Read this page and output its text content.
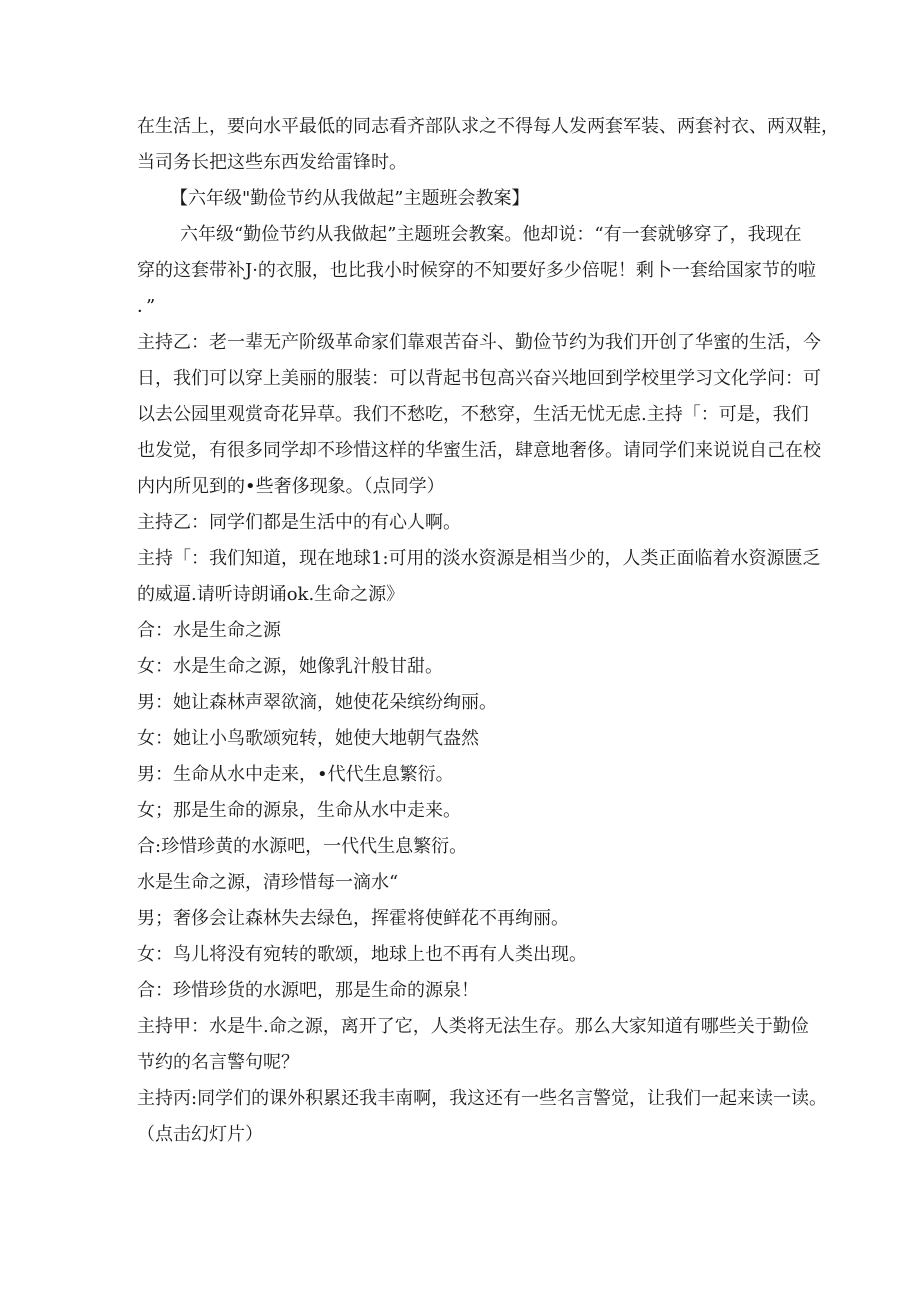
在生活上，要向水平最低的同志看齐部队求之不得每人发两套军装、两套衬衣、两双鞋，
当司务长把这些东西发给雷锋时。
【六年级"勤俭节约从我做起”主题班会教案】
六年级“勤俭节约从我做起”主题班会教案。他却说：“有一套就够穿了，我现在
穿的这套带补J·的衣服，也比我小时候穿的不知要好多少倍呢！剩卜一套给国家节的啦
．”
主持乙：老一辈无产阶级革命家们靠艰苦奋斗、勤俭节约为我们开创了华蜜的生活，今
日，我们可以穿上美丽的服装：可以背起书包高兴奋兴地回到学校里学习文化学问：可
以去公园里观赏奇花异草。我们不愁吃，不愁穿，生活无忧无虑.主持「：可是，我们
也发觉，有很多同学却不珍惜这样的华蜜生活，肆意地奢侈。请同学们来说说自己在校
内内所见到的•些奢侈现象。（点同学）
主持乙：同学们都是生活中的有心人啊。
主持「：我们知道，现在地球1:可用的淡水资源是相当少的，人类正面临着水资源匮乏
的威逼.请听诗朗诵ok.生命之源》
合：水是生命之源
女：水是生命之源，她像乳汁般甘甜。
男：她让森林声翠欲滴，她使花朵缤纷绚丽。
女：她让小鸟歌颂宛转，她使大地朝气盎然
男：生命从水中走来，•代代生息繁衍。
女；那是生命的源泉，生命从水中走来。
合:珍惜珍黄的水源吧，一代代生息繁衍。
水是生命之源，清珍惜每一滴水“
男；奢侈会让森林失去绿色，挥霍将使鲜花不再绚丽。
女：鸟儿将没有宛转的歌颂，地球上也不再有人类出现。
合：珍惜珍货的水源吧，那是生命的源泉！
主持甲：水是牛.命之源，离开了它，人类将无法生存。那么大家知道有哪些关于勤俭
节约的名言警句呢？
主持丙:同学们的课外积累还我丰南啊，我这还有一些名言警觉，让我们一起来读一读。
（点击幻灯片）
